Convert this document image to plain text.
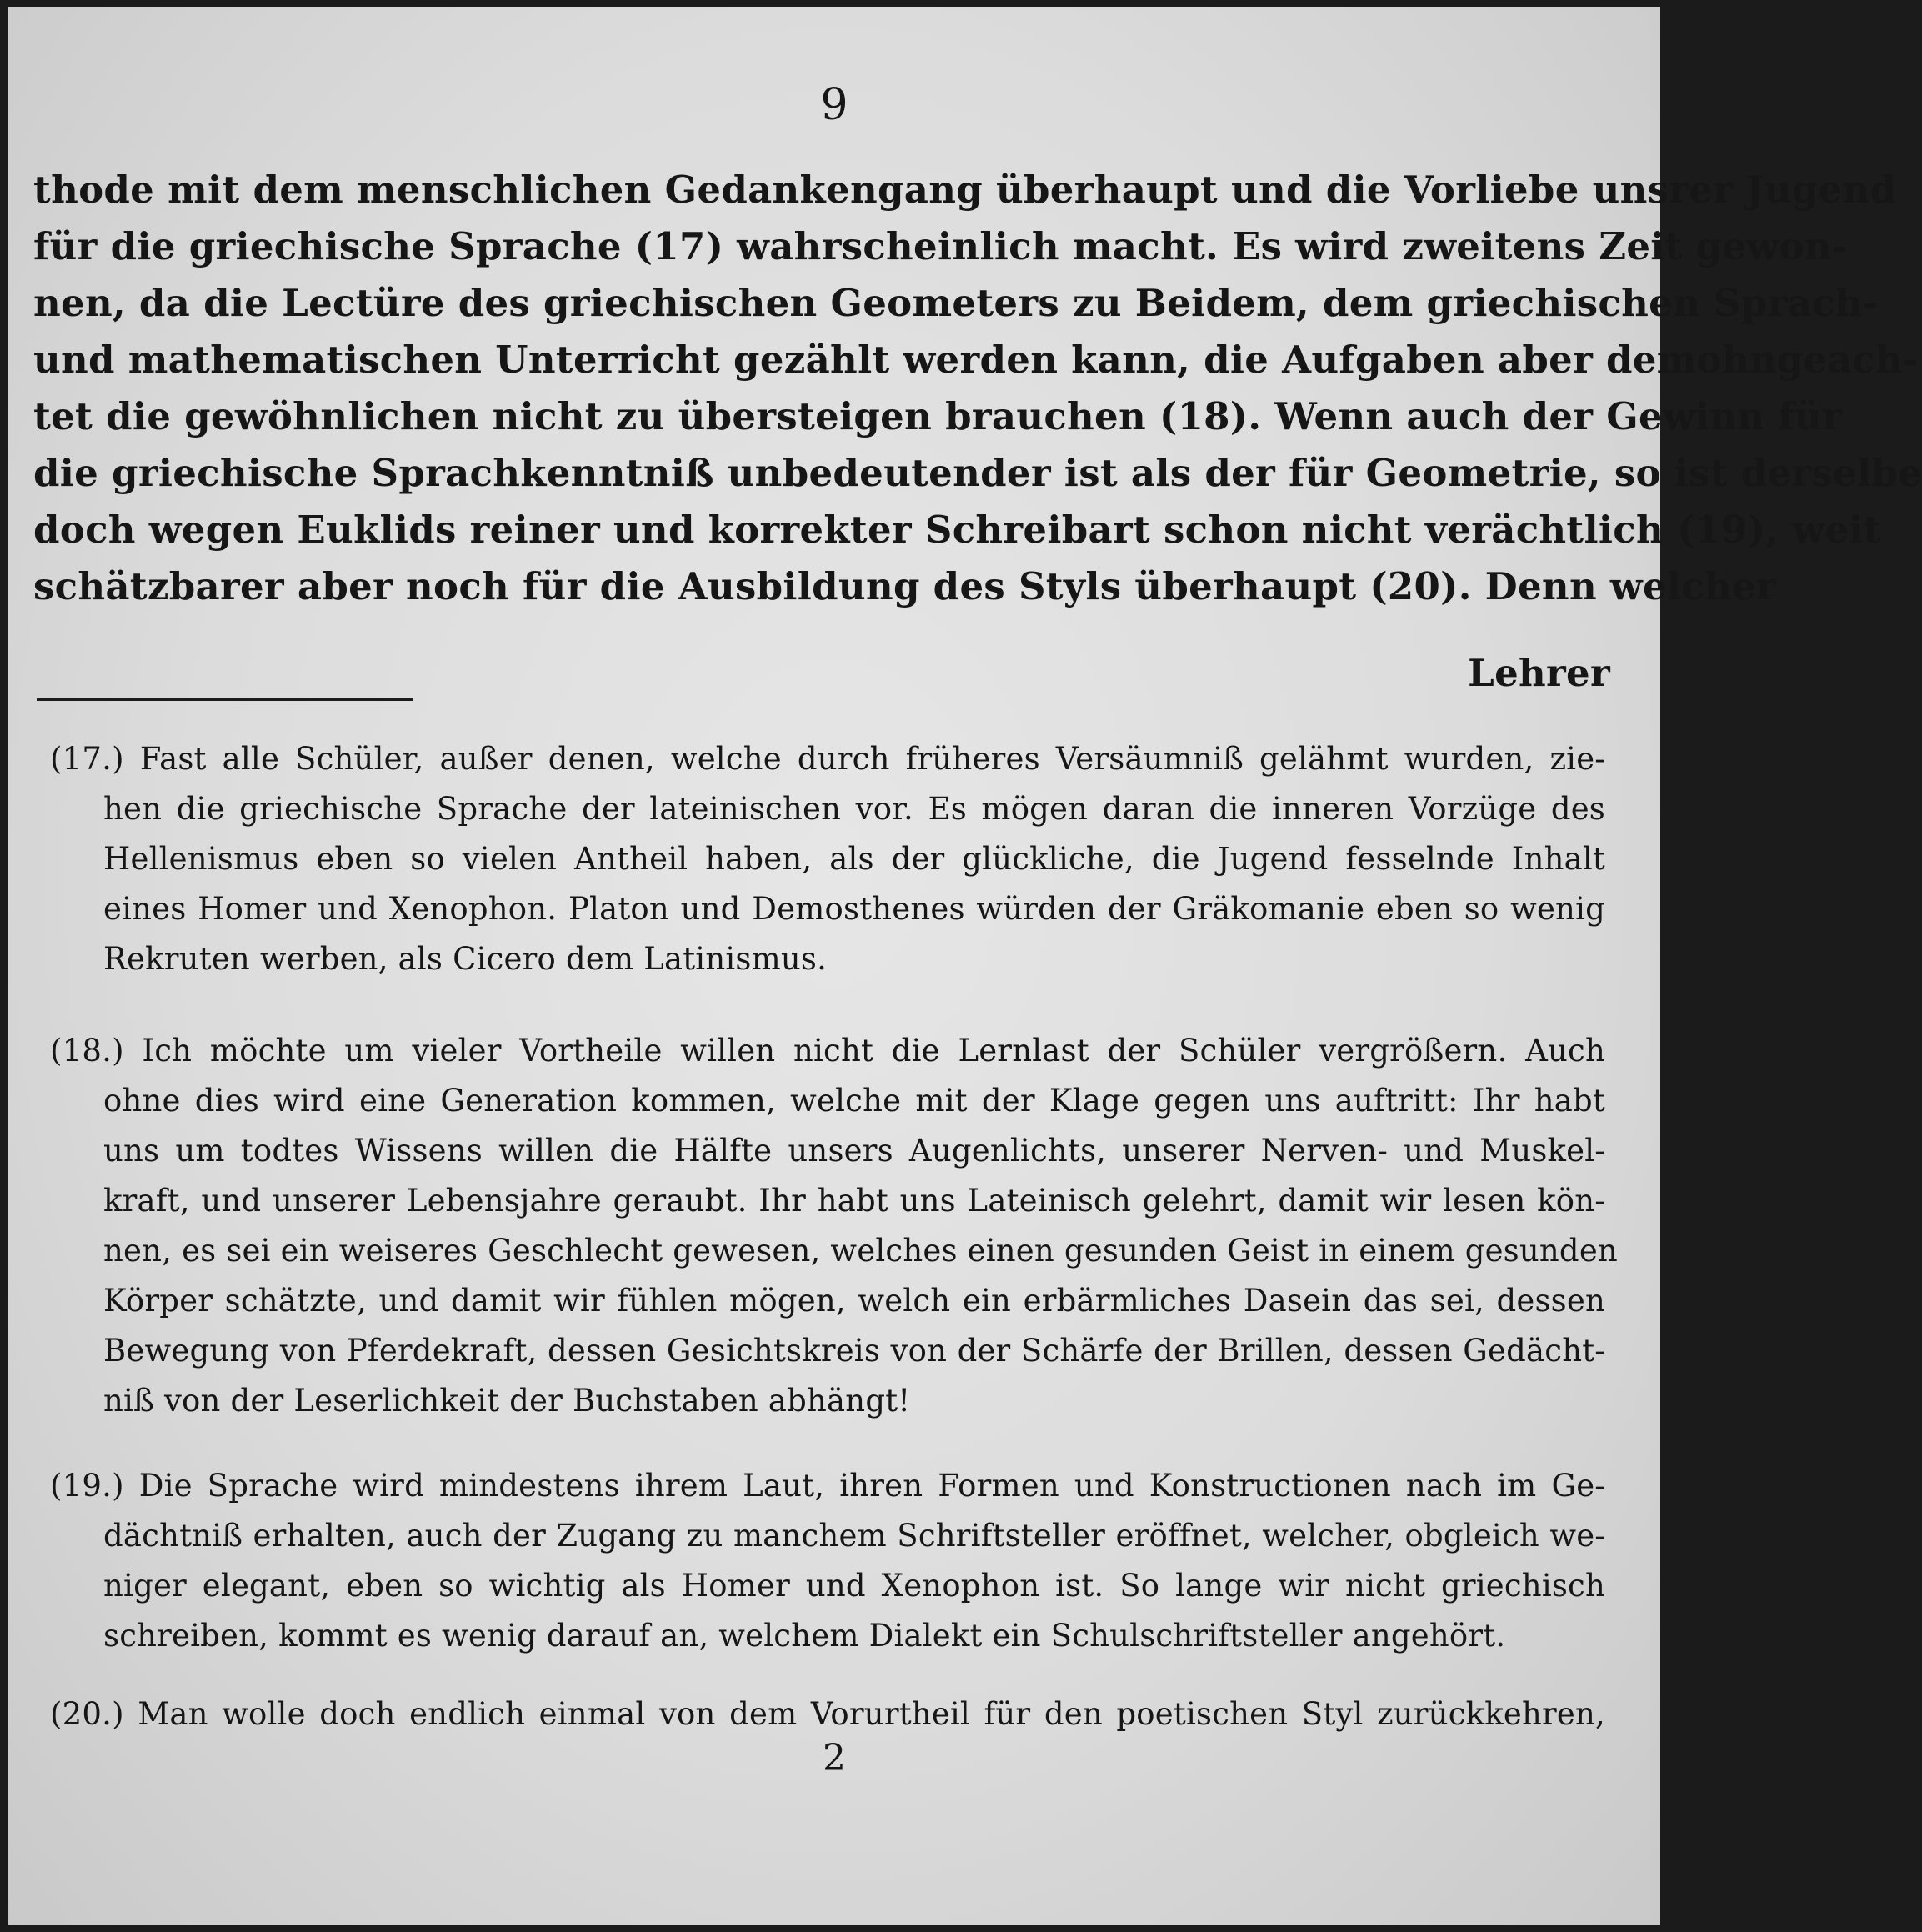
9
thode mit dem menschlichen Gedankengang überhaupt und die Vorliebe unsrer Jugend
für die griechische Sprache (17) wahrscheinlich macht. Es wird zweitens Zeit gewon-
nen, da die Lectüre des griechischen Geometers zu Beidem, dem griechischen Sprach-
und mathematischen Unterricht gezählt werden kann, die Aufgaben aber demohngeach-
tet die gewöhnlichen nicht zu übersteigen brauchen (18). Wenn auch der Gewinn für
die griechische Sprachkenntniß unbedeutender ist als der für Geometrie, so ist derselbe
doch wegen Euklids reiner und korrekter Schreibart schon nicht verächtlich (19), weit
schätzbarer aber noch für die Ausbildung des Styls überhaupt (20). Denn welcher
Lehrer
(17.) Fast alle Schüler, außer denen, welche durch früheres Versäumniß gelähmt wurden, zie-
hen die griechische Sprache der lateinischen vor. Es mögen daran die inneren Vorzüge des
Hellenismus eben so vielen Antheil haben, als der glückliche, die Jugend fesselnde Inhalt
eines Homer und Xenophon. Platon und Demosthenes würden der Gräkomanie eben so wenig
Rekruten werben, als Cicero dem Latinismus.
(18.) Ich möchte um vieler Vortheile willen nicht die Lernlast der Schüler vergrößern. Auch
ohne dies wird eine Generation kommen, welche mit der Klage gegen uns auftritt: Ihr habt
uns um todtes Wissens willen die Hälfte unsers Augenlichts, unserer Nerven- und Muskel-
kraft, und unserer Lebensjahre geraubt. Ihr habt uns Lateinisch gelehrt, damit wir lesen kön-
nen, es sei ein weiseres Geschlecht gewesen, welches einen gesunden Geist in einem gesunden
Körper schätzte, und damit wir fühlen mögen, welch ein erbärmliches Dasein das sei, dessen
Bewegung von Pferdekraft, dessen Gesichtskreis von der Schärfe der Brillen, dessen Gedächt-
niß von der Leserlichkeit der Buchstaben abhängt!
(19.) Die Sprache wird mindestens ihrem Laut, ihren Formen und Konstructionen nach im Ge-
dächtniß erhalten, auch der Zugang zu manchem Schriftsteller eröffnet, welcher, obgleich we-
niger elegant, eben so wichtig als Homer und Xenophon ist. So lange wir nicht griechisch
schreiben, kommt es wenig darauf an, welchem Dialekt ein Schulschriftsteller angehört.
(20.) Man wolle doch endlich einmal von dem Vorurtheil für den poetischen Styl zurückkehren,
2
